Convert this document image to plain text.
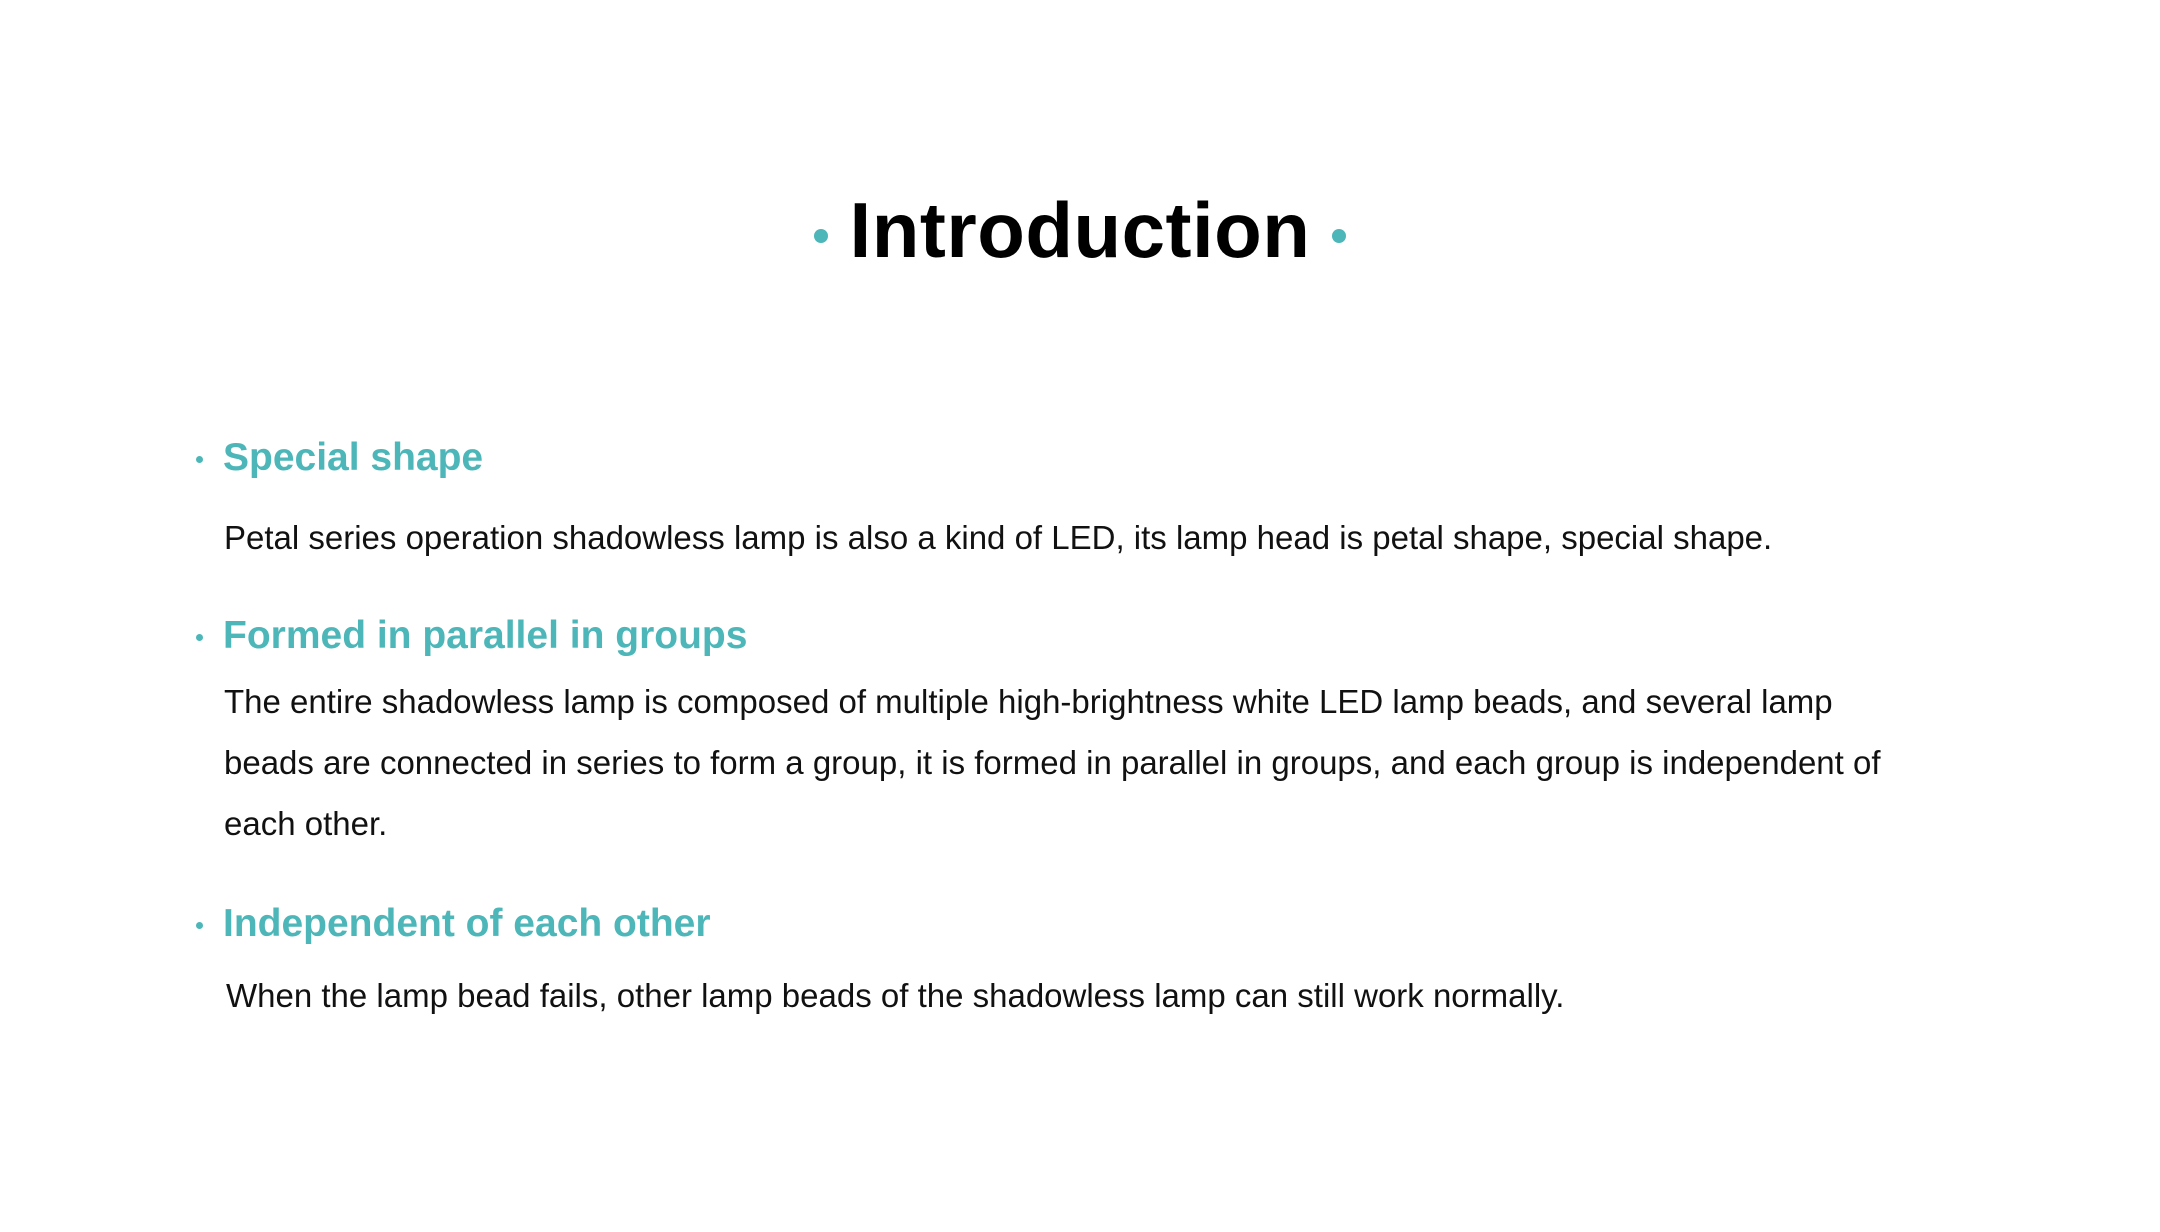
Introduction
Special shape
Petal series operation shadowless lamp is also a kind of LED, its lamp head is petal shape, special shape.
Formed in parallel in groups
The entire shadowless lamp is composed of multiple high-brightness white LED lamp beads, and several lamp beads are connected in series to form a group, it is formed in parallel in groups, and each group is independent of each other.
Independent of each other
When the lamp bead fails, other lamp beads of the shadowless lamp can still work normally.
